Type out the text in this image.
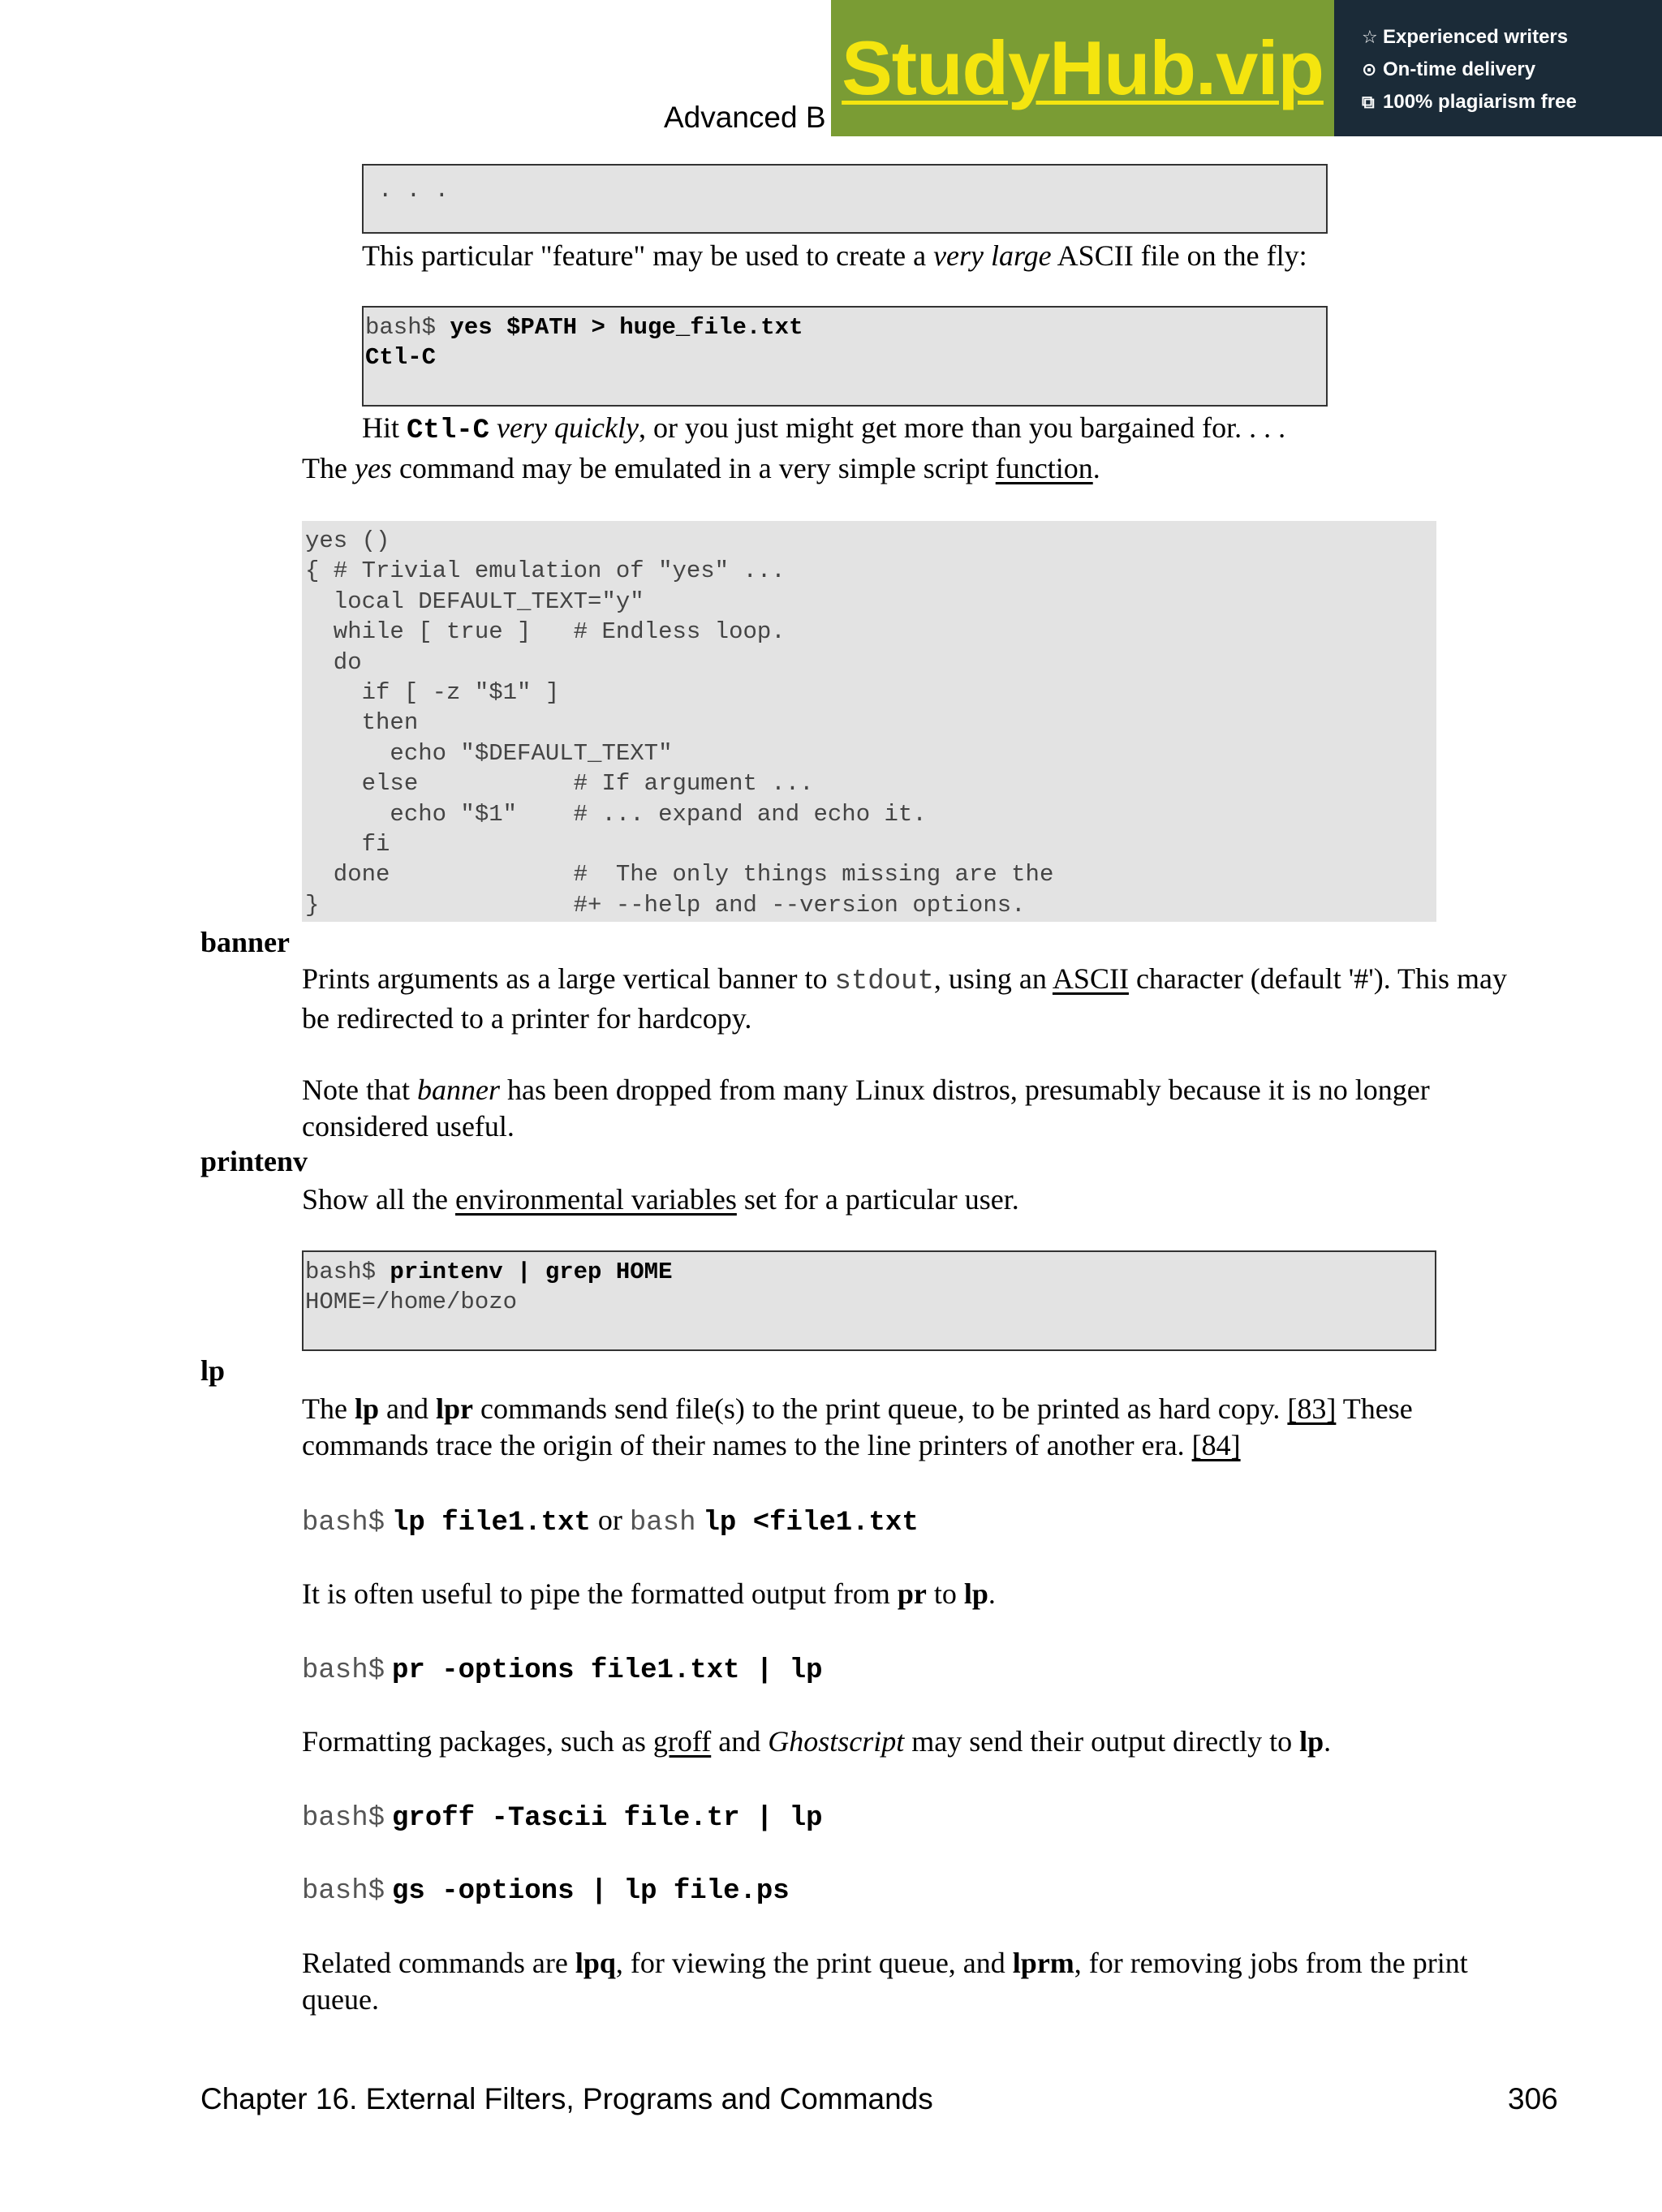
Advanced B
StudyHub.vip ☆ Experienced writers
⊙ On-time delivery
⧉ 100% plagiarism free
. . .
This particular "feature" may be used to create a very large ASCII file on the fly:
bash$ yes $PATH > huge_file.txt
Ctl-C
Hit Ctl-C very quickly, or you just might get more than you bargained for. . . .
The yes command may be emulated in a very simple script function.
yes ()
{ # Trivial emulation of "yes" ...
local DEFAULT_TEXT="y"
while [ true ]   # Endless loop.
do
if [ -z "$1" ]
then
echo "$DEFAULT_TEXT"
else           # If argument ...
echo "$1"    # ... expand and echo it.
fi
done             #  The only things missing are the
}                  #+ --help and --version options.
banner
Prints arguments as a large vertical banner to stdout, using an ASCII character (default '#'). This may be redirected to a printer for hardcopy.
Note that banner has been dropped from many Linux distros, presumably because it is no longer considered useful.
printenv
Show all the environmental variables set for a particular user.
bash$ printenv | grep HOME
HOME=/home/bozo
lp
The lp and lpr commands send file(s) to the print queue, to be printed as hard copy. [83] These commands trace the origin of their names to the line printers of another era. [84]
bash$ lp file1.txt or bash lp <file1.txt
It is often useful to pipe the formatted output from pr to lp.
bash$ pr -options file1.txt | lp
Formatting packages, such as groff and Ghostscript may send their output directly to lp.
bash$ groff -Tascii file.tr | lp
bash$ gs -options | lp file.ps
Related commands are lpq, for viewing the print queue, and lprm, for removing jobs from the print queue.
Chapter 16. External Filters, Programs and Commands	306
